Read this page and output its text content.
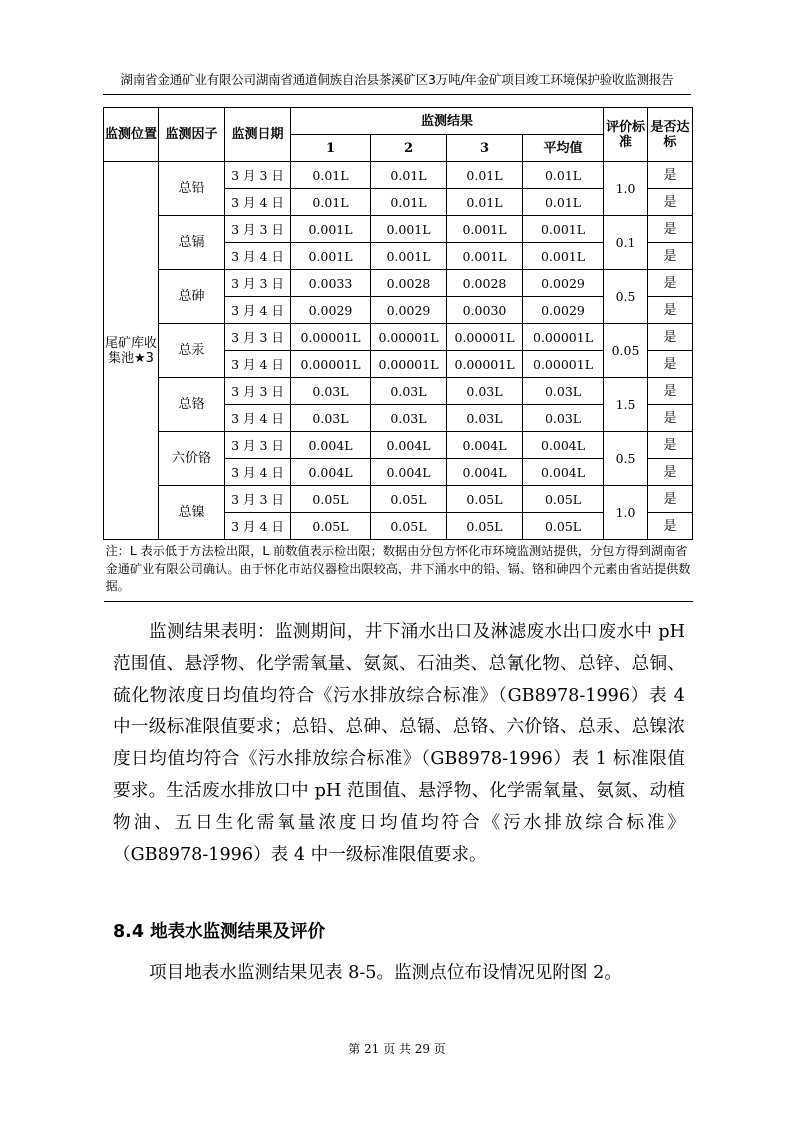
湖南省金通矿业有限公司湖南省通道侗族自治县茶溪矿区3万吨/年金矿项目竣工环境保护验收监测报告
监测位置	监测因子	监测日期	监测结果				评价标准	是否达标
			1	2	3	平均值		
尾矿库收集池★3	总铅	3 月 3 日	0.01L	0.01L	0.01L	0.01L	1.0	是
		3 月 4 日	0.01L	0.01L	0.01L	0.01L		是
	总镉	3 月 3 日	0.001L	0.001L	0.001L	0.001L	0.1	是
		3 月 4 日	0.001L	0.001L	0.001L	0.001L		是
	总砷	3 月 3 日	0.0033	0.0028	0.0028	0.0029	0.5	是
		3 月 4 日	0.0029	0.0029	0.0030	0.0029		是
	总汞	3 月 3 日	0.00001L	0.00001L	0.00001L	0.00001L	0.05	是
		3 月 4 日	0.00001L	0.00001L	0.00001L	0.00001L		是
	总铬	3 月 3 日	0.03L	0.03L	0.03L	0.03L	1.5	是
		3 月 4 日	0.03L	0.03L	0.03L	0.03L		是
	六价铬	3 月 3 日	0.004L	0.004L	0.004L	0.004L	0.5	是
		3 月 4 日	0.004L	0.004L	0.004L	0.004L		是
	总镍	3 月 3 日	0.05L	0.05L	0.05L	0.05L	1.0	是
		3 月 4 日	0.05L	0.05L	0.05L	0.05L		是
注：L 表示低于方法检出限，L 前数值表示检出限；数据由分包方怀化市环境监测站提供，分包方得到湖南省金通矿业有限公司确认。由于怀化市站仪器检出限较高，井下涌水中的铅、镉、铬和砷四个元素由省站提供数据。								

监测结果表明：监测期间，井下涌水出口及淋滤废水出口废水中 pH 范围值、悬浮物、化学需氧量、氨氮、石油类、总氰化物、总锌、总铜、硫化物浓度日均值均符合《污水排放综合标准》（GB8978-1996）表 4 中一级标准限值要求；总铅、总砷、总镉、总铬、六价铬、总汞、总镍浓度日均值均符合《污水排放综合标准》（GB8978-1996）表 1 标准限值要求。生活废水排放口中 pH 范围值、悬浮物、化学需氧量、氨氮、动植物油、五日生化需氧量浓度日均值均符合《污水排放综合标准》（GB8978-1996）表 4 中一级标准限值要求。

8.4 地表水监测结果及评价

项目地表水监测结果见表 8-5。监测点位布设情况见附图 2。

第 21 页 共 29 页
